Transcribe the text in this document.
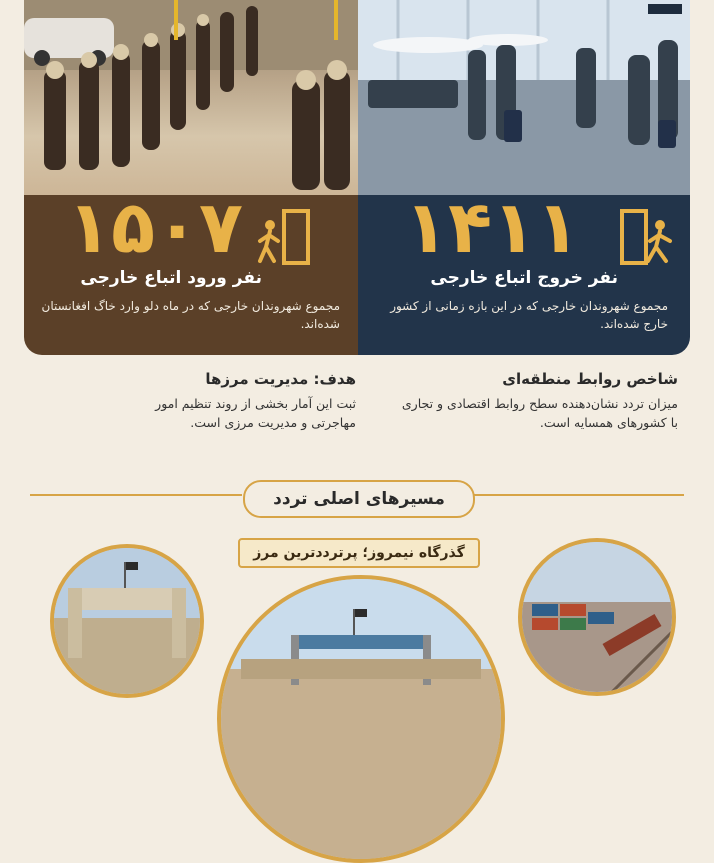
۱۵۰۷
نفر ورود اتباع خارجی
مجموع شهروندان خارجی که در ماه دلو وارد خاگ افغانستان شده‌اند.
۱۴۱۱
نفر خروج اتباع خارجی
مجموع شهروندان خارجی که در این بازه زمانی از کشور خارج شده‌اند.
هدف: مدیریت مرزها
ثبت این آمار بخشی از روند تنظیم امور مهاجرتی و مدیریت مرزی است.
شاخص روابط منطقه‌ای
میزان تردد نشان‌دهنده سطح روابط اقتصادی و تجاری با کشورهای همسایه است.
مسیرهای اصلی تردد
گذرگاه نیمروز؛ پرترددترین مرز
